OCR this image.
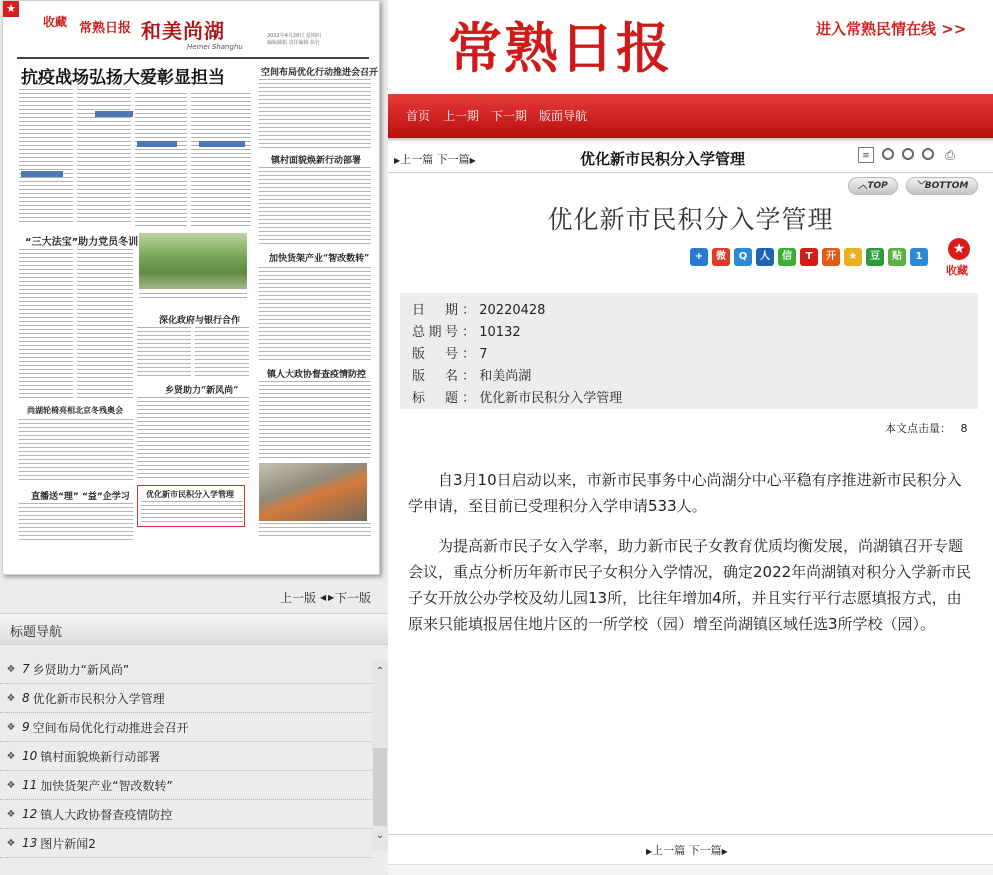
★
常熟日报 和美尚湖
Hemei Shanghu
2022年4月28日 星期四
编辑邮箱 责任编辑 执行
收藏
抗疫战场弘扬大爱彰显担当	空间布局优化行动推进会召开
镇村面貌焕新行动部署
加快货架产业“智改数转”
镇人大政协督查疫情防控
深化政府与银行合作
乡贤助力“新风尚”
“三大法宝”助力党员冬训
尚湖轮椅亮相北京冬残奥会
直播送“理” “益”企学习 优化新市民积分入学管理
上一版 ◀ ▶ 下一版
标题导航
❖ 7 乡贤助力“新风尚”
❖ 8 优化新市民积分入学管理
❖ 9 空间布局优化行动推进会召开
❖ 10 镇村面貌焕新行动部署
❖ 11 加快货架产业“智改数转”
❖ 12 镇人大政协督查疫情防控
❖ 13 图片新闻2
⌃
⌄
常熟日报	进入常熟民情在线 >>
首页 上一期 下一期 版面导航
▶上一篇 下一篇▶	优化新市民积分入学管理	≡	⎙
︿TOP	﹀BOTTOM
优化新市民积分入学管理
+	微	Q	人	信	T	开	★	豆	贴	1	★
收藏
日期 ： 20220428
总期号 ： 10132
版号 ： 7
版名 ： 和美尚湖
标题 ： 优化新市民积分入学管理
本文点击量： 8

自3月10日启动以来，市新市民事务中心尚湖分中心平稳有序推进新市民积分入学申请，至目前已受理积分入学申请533人。

为提高新市民子女入学率，助力新市民子女教育优质均衡发展，尚湖镇召开专题会议，重点分析历年新市民子女积分入学情况，确定2022年尚湖镇对积分入学新市民子女开放公办学校及幼儿园13所，比往年增加4所，并且实行平行志愿填报方式，由原来只能填报居住地片区的一所学校（园）增至尚湖镇区域任选3所学校（园）。

▶上一篇 下一篇▶
